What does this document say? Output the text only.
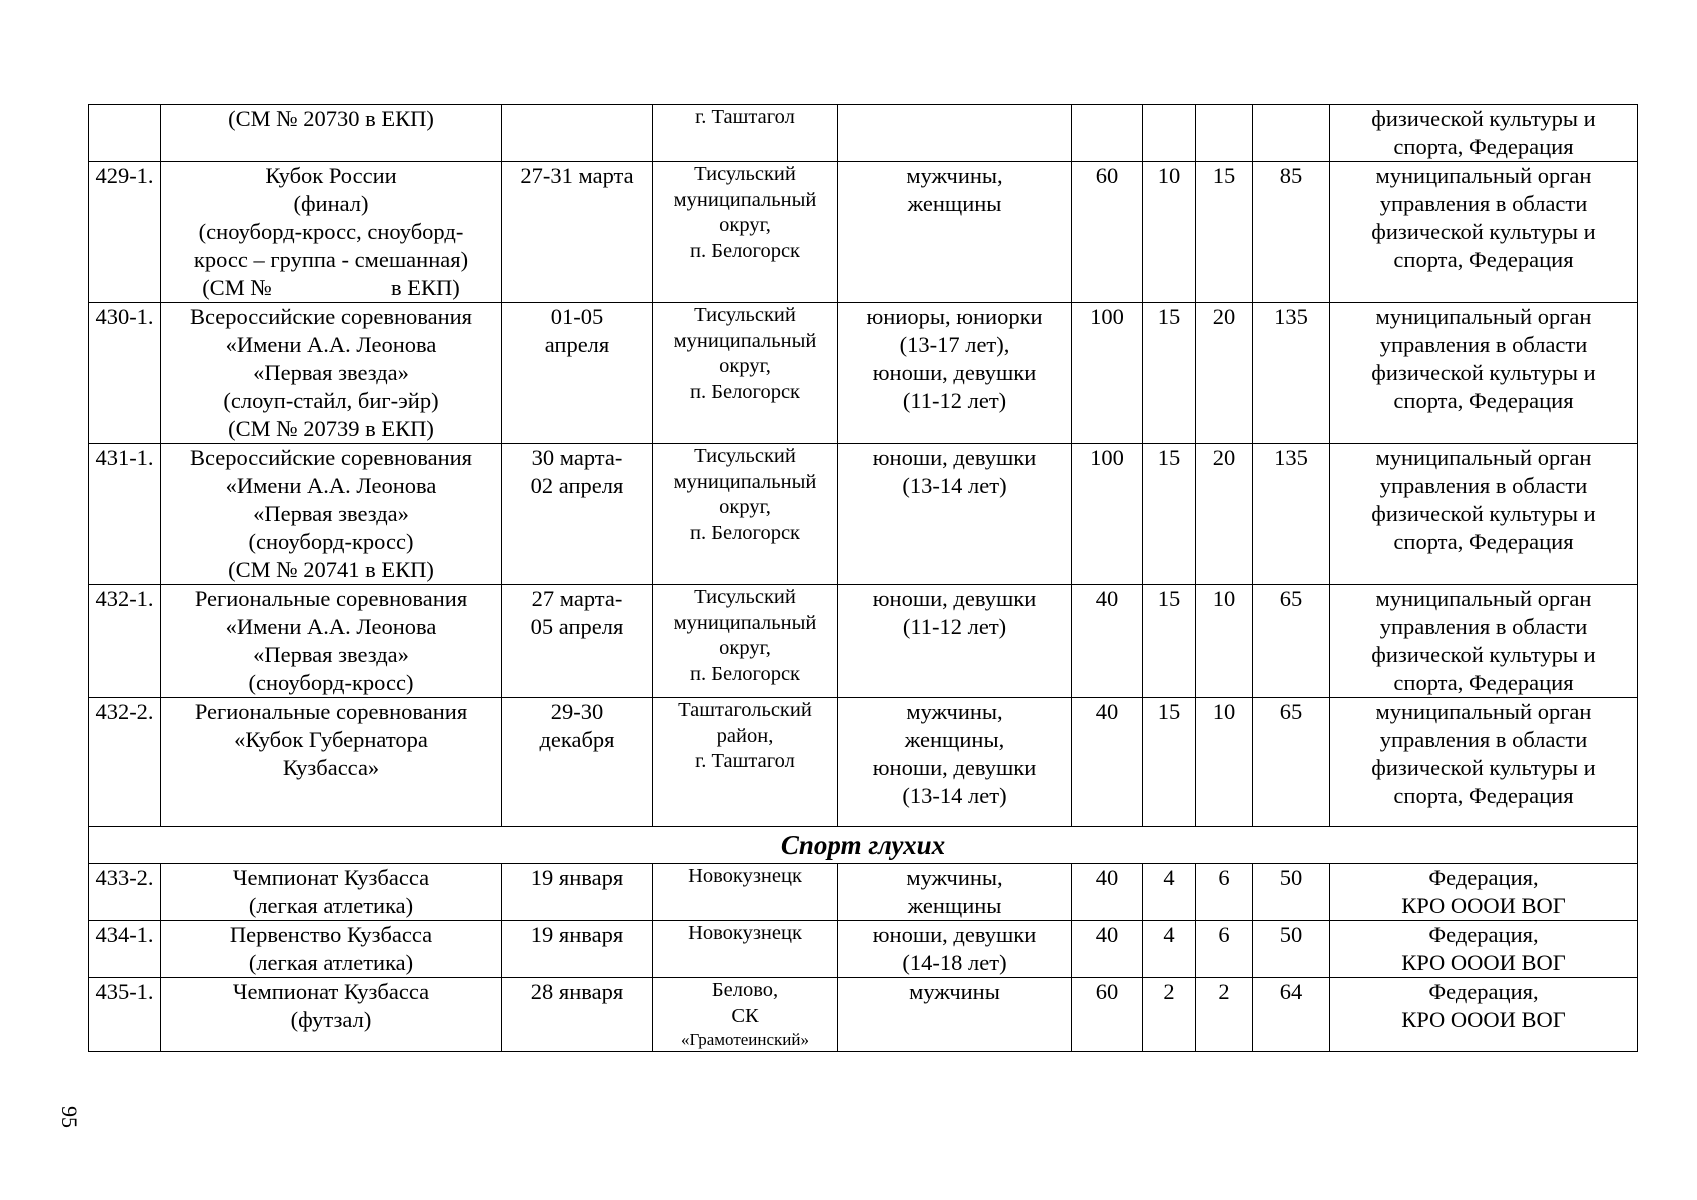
	(СМ № 20730 в ЕКП)		г. Таштагол						физической культуры и
спорта, Федерация

429-1.	Кубок России
(финал)
(сноуборд-кросс, сноуборд-
кросс – группа - смешанная)
(СМ № в ЕКП)	27-31 марта	Тисульский
муниципальный
округ,
п. Белогорск	мужчины,
женщины	60	10	15	85	муниципальный орган
управления в области
физической культуры и
спорта, Федерация

430-1.	Всероссийские соревнования
«Имени А.А. Леонова
«Первая звезда»
(слоуп-стайл, биг-эйр)
(СМ № 20739 в ЕКП)	01-05
апреля	Тисульский
муниципальный
округ,
п. Белогорск	юниоры, юниорки
(13-17 лет),
юноши, девушки
(11-12 лет)	100	15	20	135	муниципальный орган
управления в области
физической культуры и
спорта, Федерация

431-1.	Всероссийские соревнования
«Имени А.А. Леонова
«Первая звезда»
(сноуборд-кросс)
(СМ № 20741 в ЕКП)	30 марта-
02 апреля	Тисульский
муниципальный
округ,
п. Белогорск	юноши, девушки
(13-14 лет)	100	15	20	135	муниципальный орган
управления в области
физической культуры и
спорта, Федерация

432-1.	Региональные соревнования
«Имени А.А. Леонова
«Первая звезда»
(сноуборд-кросс)	27 марта-
05 апреля	Тисульский
муниципальный
округ,
п. Белогорск	юноши, девушки
(11-12 лет)	40	15	10	65	муниципальный орган
управления в области
физической культуры и
спорта, Федерация

432-2.	Региональные соревнования
«Кубок Губернатора
Кузбасса»	29-30
декабря	Таштагольский
район,
г. Таштагол	мужчины,
женщины,
юноши, девушки
(13-14 лет)	40	15	10	65	муниципальный орган
управления в области
физической культуры и
спорта, Федерация

Спорт глухих									
433-2.	Чемпионат Кузбасса
(легкая атлетика)	19 января	Новокузнецк	мужчины,
женщины	40	4	6	50	Федерация,
КРО ОООИ ВОГ

434-1.	Первенство Кузбасса
(легкая атлетика)	19 января	Новокузнецк	юноши, девушки
(14-18 лет)	40	4	6	50	Федерация,
КРО ОООИ ВОГ

435-1.	Чемпионат Кузбасса
(футзал)	28 января	Белово,
СК
«Грамотеинский»	мужчины	60	2	2	64	Федерация,
КРО ОООИ ВОГ
95
